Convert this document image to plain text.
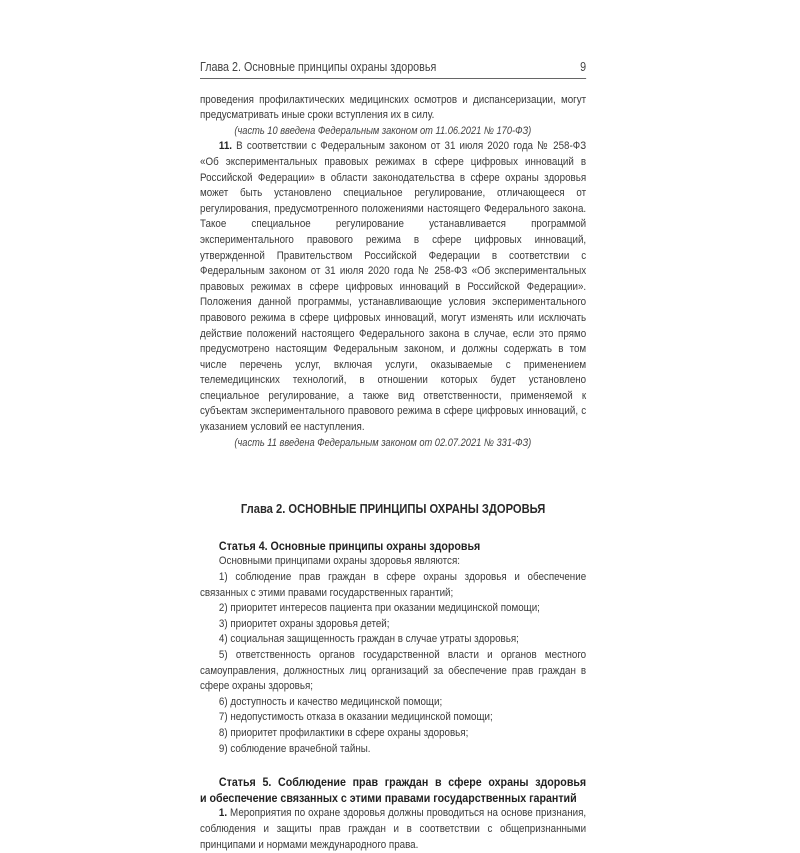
Глава 2. Основные принципы охраны здоровья	9

проведения профилактических медицинских осмотров и диспансеризации, могут предусматривать иные сроки вступления их в силу.

(часть 10 введена Федеральным законом от 11.06.2021 № 170-ФЗ)

11. В соответствии с Федеральным законом от 31 июля 2020 года № 258-ФЗ «Об экспериментальных правовых режимах в сфере цифровых инноваций в Российской Федерации» в области законодательства в сфере охраны здоровья может быть установлено специальное регулирование, отличающееся от регулирования, предусмотренного положениями настоящего Федерального закона. Такое специальное регулирование устанавливается программой экспериментального правового режима в сфере цифровых инноваций, утвержденной Правительством Российской Федерации в соответствии с Федеральным законом от 31 июля 2020 года № 258-ФЗ «Об экспериментальных правовых режимах в сфере цифровых инноваций в Российской Федерации». Положения данной программы, устанавливающие условия экспериментального правового режима в сфере цифровых инноваций, могут изменять или исключать действие положений настоящего Федерального закона в случае, если это прямо предусмотрено настоящим Федеральным законом, и должны содержать в том числе перечень услуг, включая услуги, оказываемые с применением телемедицинских технологий, в отношении которых будет установлено специальное регулирование, а также вид ответственности, применяемой к субъектам экспериментального правового режима в сфере цифровых инноваций, с указанием условий ее наступления.

(часть 11 введена Федеральным законом от 02.07.2021 № 331-ФЗ)

Глава 2. ОСНОВНЫЕ ПРИНЦИПЫ ОХРАНЫ ЗДОРОВЬЯ

Статья 4. Основные принципы охраны здоровья

Основными принципами охраны здоровья являются:

1) соблюдение прав граждан в сфере охраны здоровья и обеспечение связанных с этими правами государственных гарантий;

2) приоритет интересов пациента при оказании медицинской помощи;

3) приоритет охраны здоровья детей;

4) социальная защищенность граждан в случае утраты здоровья;

5) ответственность органов государственной власти и органов местного самоуправления, должностных лиц организаций за обеспечение прав граждан в сфере охраны здоровья;

6) доступность и качество медицинской помощи;

7) недопустимость отказа в оказании медицинской помощи;

8) приоритет профилактики в сфере охраны здоровья;

9) соблюдение врачебной тайны.

Статья 5. Соблюдение прав граждан в сфере охраны здоровья

и обеспечение связанных с этими правами государственных гарантий

1. Мероприятия по охране здоровья должны проводиться на основе признания, соблюдения и защиты прав граждан и в соответствии с общепризнанными принципами и нормами международного права.
